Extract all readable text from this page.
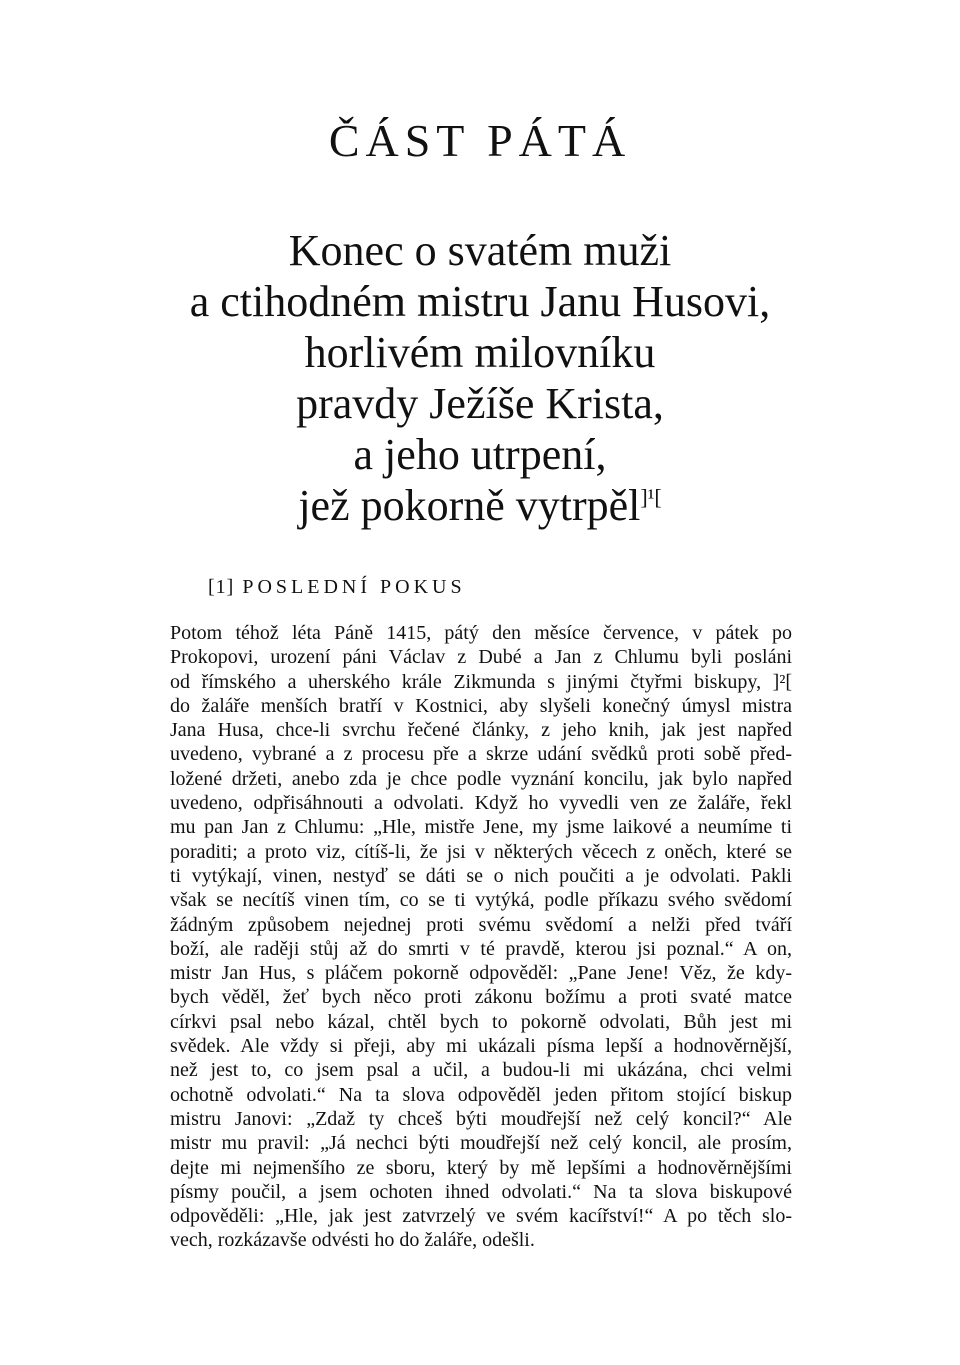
ČÁST PÁTÁ
Konec o svatém muži
a ctihodném mistru Janu Husovi,
horlivém milovníku
pravdy Ježíše Krista,
a jeho utrpení,
jež pokorně vytrpěl$^{]^1[}$
[1] POSLEDNÍ POKUS

Potom téhož léta Páně 1415, pátý den měsíce července, v pátek po
Prokopovi, urození páni Václav z Dubé a Jan z Chlumu byli posláni
od římského a uherského krále Zikmunda s jinými čtyřmi biskupy, ]²[
do žaláře menších bratří v Kostnici, aby slyšeli konečný úmysl mistra
Jana Husa, chce-li svrchu řečené články, z jeho knih, jak jest napřed
uvedeno, vybrané a z procesu pře a skrze udání svědků proti sobě před-
ložené držeti, anebo zda je chce podle vyznání koncilu, jak bylo napřed
uvedeno, odpřisáhnouti a odvolati. Když ho vyvedli ven ze žaláře, řekl
mu pan Jan z Chlumu: „Hle, mistře Jene, my jsme laikové a neumíme ti
poraditi; a proto viz, cítíš-li, že jsi v některých věcech z oněch, které se
ti vytýkají, vinen, nestyď se dáti se o nich poučiti a je odvolati. Pakli
však se necítíš vinen tím, co se ti vytýká, podle příkazu svého svědomí
žádným způsobem nejednej proti svému svědomí a nelži před tváří
boží, ale raději stůj až do smrti v té pravdě, kterou jsi poznal.“ A on,
mistr Jan Hus, s pláčem pokorně odpověděl: „Pane Jene! Věz, že kdy-
bych věděl, žeť bych něco proti zákonu božímu a proti svaté matce
církvi psal nebo kázal, chtěl bych to pokorně odvolati, Bůh jest mi
svědek. Ale vždy si přeji, aby mi ukázali písma lepší a hodnověrnější,
než jest to, co jsem psal a učil, a budou-li mi ukázána, chci velmi
ochotně odvolati.“ Na ta slova odpověděl jeden přitom stojící biskup
mistru Janovi: „Zdaž ty chceš býti moudřejší než celý koncil?“ Ale
mistr mu pravil: „Já nechci býti moudřejší než celý koncil, ale prosím,
dejte mi nejmenšího ze sboru, který by mě lepšími a hodnověrnějšími
písmy poučil, a jsem ochoten ihned odvolati.“ Na ta slova biskupové
odpověděli: „Hle, jak jest zatvrzelý ve svém kacířství!“ A po těch slo-
vech, rozkázavše odvésti ho do žaláře, odešli.
